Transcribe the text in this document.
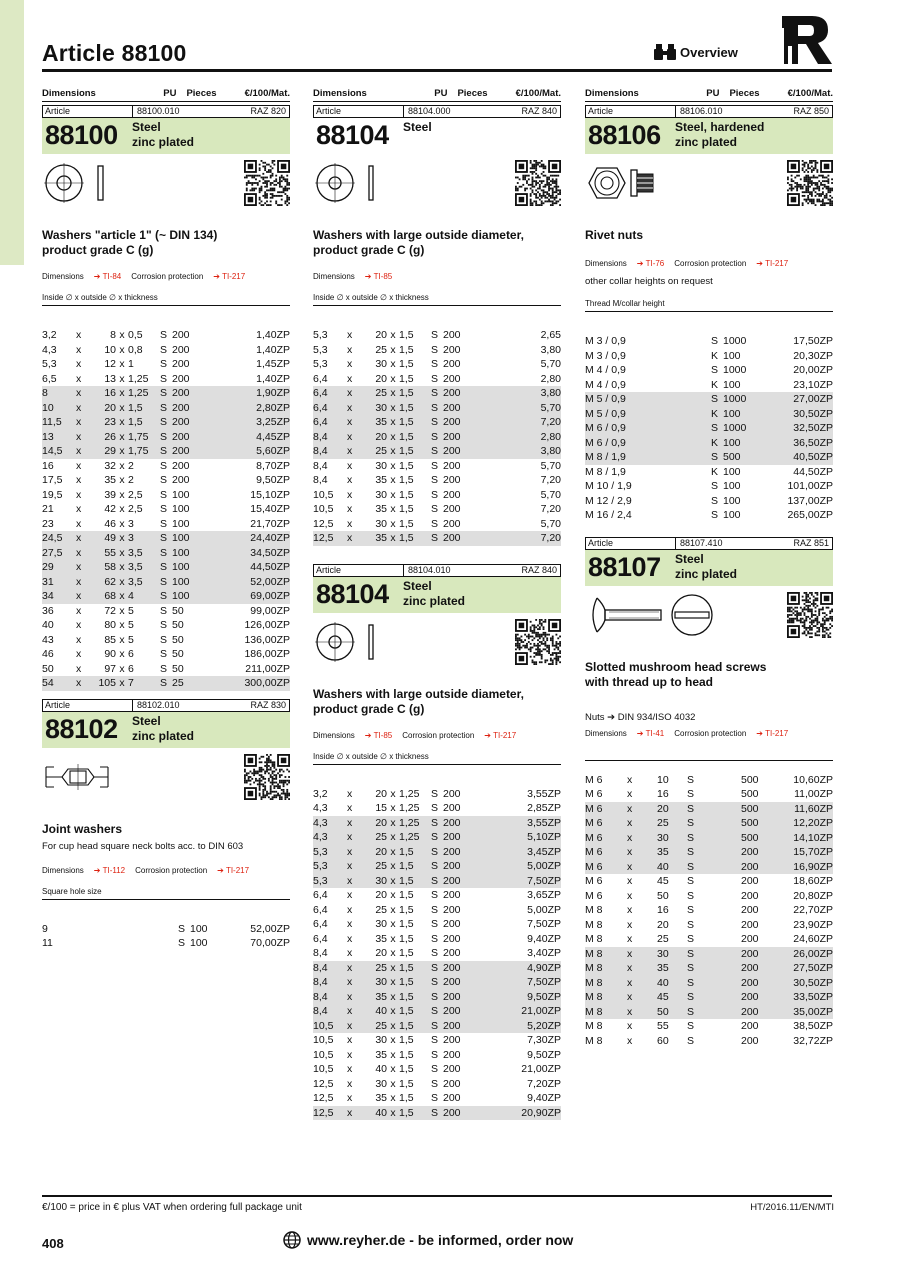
Article 88100	Overview
Dimensions	PU Pieces	€/100/Mat.
Article	88100.010	RAZ 820
88100	Steel
zinc plated
Washers "article 1" (~ DIN 134)
product grade C (g)
Dimensions ➔ TI-84 Corrosion protection ➔ TI-217
Inside ∅ x outside ∅ x thickness
3,2	x	8 x 0,5	S 200	1,40ZP
4,3	x	10 x 0,8	S 200	1,40ZP
5,3	x	12 x 1	S 200	1,45ZP
6,5	x	13 x 1,25	S 200	1,40ZP
8	x	16 x 1,25	S 200	1,90ZP
10	x	20 x 1,5	S 200	2,80ZP
11,5	x	23 x 1,5	S 200	3,25ZP
13	x	26 x 1,75	S 200	4,45ZP
14,5	x	29 x 1,75	S 200	5,60ZP
16	x	32 x 2	S 200	8,70ZP
17,5	x	35 x 2	S 200	9,50ZP
19,5	x	39 x 2,5	S 100	15,10ZP
21	x	42 x 2,5	S 100	15,40ZP
23	x	46 x 3	S 100	21,70ZP
24,5	x	49 x 3	S 100	24,40ZP
27,5	x	55 x 3,5	S 100	34,50ZP
29	x	58 x 3,5	S 100	44,50ZP
31	x	62 x 3,5	S 100	52,00ZP
34	x	68 x 4	S 100	69,00ZP
36	x	72 x 5	S 50	99,00ZP
40	x	80 x 5	S 50	126,00ZP
43	x	85 x 5	S 50	136,00ZP
46	x	90 x 6	S 50	186,00ZP
50	x	97 x 6	S 50	211,00ZP
54	x	105 x 7	S 25	300,00ZP
Article	88102.010	RAZ 830
88102	Steel
zinc plated
Joint washers
For cup head square neck bolts acc. to DIN 603
Dimensions ➔ TI-112 Corrosion protection ➔ TI-217
Square hole size
9	S 100	52,00ZP
11	S 100	70,00ZP
Dimensions	PU Pieces	€/100/Mat.
Article	88104.000	RAZ 840
88104	Steel
Washers with large outside diameter,
product grade C (g)
Dimensions ➔ TI-85
Inside ∅ x outside ∅ x thickness
5,3	x	20 x 1,5	S 200	2,65
5,3	x	25 x 1,5	S 200	3,80
5,3	x	30 x 1,5	S 200	5,70
6,4	x	20 x 1,5	S 200	2,80
6,4	x	25 x 1,5	S 200	3,80
6,4	x	30 x 1,5	S 200	5,70
6,4	x	35 x 1,5	S 200	7,20
8,4	x	20 x 1,5	S 200	2,80
8,4	x	25 x 1,5	S 200	3,80
8,4	x	30 x 1,5	S 200	5,70
8,4	x	35 x 1,5	S 200	7,20
10,5	x	30 x 1,5	S 200	5,70
10,5	x	35 x 1,5	S 200	7,20
12,5	x	30 x 1,5	S 200	5,70
12,5	x	35 x 1,5	S 200	7,20
Article	88104.010	RAZ 840
88104	Steel
zinc plated
Washers with large outside diameter,
product grade C (g)
Dimensions ➔ TI-85 Corrosion protection ➔ TI-217
Inside ∅ x outside ∅ x thickness
3,2	x	20 x 1,25	S 200	3,55ZP
4,3	x	15 x 1,25	S 200	2,85ZP
4,3	x	20 x 1,25	S 200	3,55ZP
4,3	x	25 x 1,25	S 200	5,10ZP
5,3	x	20 x 1,5	S 200	3,45ZP
5,3	x	25 x 1,5	S 200	5,00ZP
5,3	x	30 x 1,5	S 200	7,50ZP
6,4	x	20 x 1,5	S 200	3,65ZP
6,4	x	25 x 1,5	S 200	5,00ZP
6,4	x	30 x 1,5	S 200	7,50ZP
6,4	x	35 x 1,5	S 200	9,40ZP
8,4	x	20 x 1,5	S 200	3,40ZP
8,4	x	25 x 1,5	S 200	4,90ZP
8,4	x	30 x 1,5	S 200	7,50ZP
8,4	x	35 x 1,5	S 200	9,50ZP
8,4	x	40 x 1,5	S 200	21,00ZP
10,5	x	25 x 1,5	S 200	5,20ZP
10,5	x	30 x 1,5	S 200	7,30ZP
10,5	x	35 x 1,5	S 200	9,50ZP
10,5	x	40 x 1,5	S 200	21,00ZP
12,5	x	30 x 1,5	S 200	7,20ZP
12,5	x	35 x 1,5	S 200	9,40ZP
12,5	x	40 x 1,5	S 200	20,90ZP
Dimensions	PU Pieces	€/100/Mat.
Article	88106.010	RAZ 850
88106	Steel, hardened
zinc plated
Rivet nuts
Dimensions ➔ TI-76 Corrosion protection ➔ TI-217
other collar heights on request
Thread M/collar height
M 3 / 0,9	S 1000	17,50ZP
M 3 / 0,9	K 100	20,30ZP
M 4 / 0,9	S 1000	20,00ZP
M 4 / 0,9	K 100	23,10ZP
M 5 / 0,9	S 1000	27,00ZP
M 5 / 0,9	K 100	30,50ZP
M 6 / 0,9	S 1000	32,50ZP
M 6 / 0,9	K 100	36,50ZP
M 8 / 1,9	S 500	40,50ZP
M 8 / 1,9	K 100	44,50ZP
M 10 / 1,9	S 100	101,00ZP
M 12 / 2,9	S 100	137,00ZP
M 16 / 2,4	S 100	265,00ZP
Article	88107.410	RAZ 851
88107	Steel
zinc plated
Slotted mushroom head screws
with thread up to head
Nuts ➔ DIN 934/ISO 4032
Dimensions ➔ TI-41 Corrosion protection ➔ TI-217
M 6	x	10	S	500	10,60ZP
M 6	x	16	S	500	11,00ZP
M 6	x	20	S	500	11,60ZP
M 6	x	25	S	500	12,20ZP
M 6	x	30	S	500	14,10ZP
M 6	x	35	S	200	15,70ZP
M 6	x	40	S	200	16,90ZP
M 6	x	45	S	200	18,60ZP
M 6	x	50	S	200	20,80ZP
M 8	x	16	S	200	22,70ZP
M 8	x	20	S	200	23,90ZP
M 8	x	25	S	200	24,60ZP
M 8	x	30	S	200	26,00ZP
M 8	x	35	S	200	27,50ZP
M 8	x	40	S	200	30,50ZP
M 8	x	45	S	200	33,50ZP
M 8	x	50	S	200	35,00ZP
M 8	x	55	S	200	38,50ZP
M 8	x	60	S	200	32,72ZP
€/100 = price in € plus VAT when ordering full package unit	HT/2016.11/EN/MTI
408	www.reyher.de - be informed, order now
